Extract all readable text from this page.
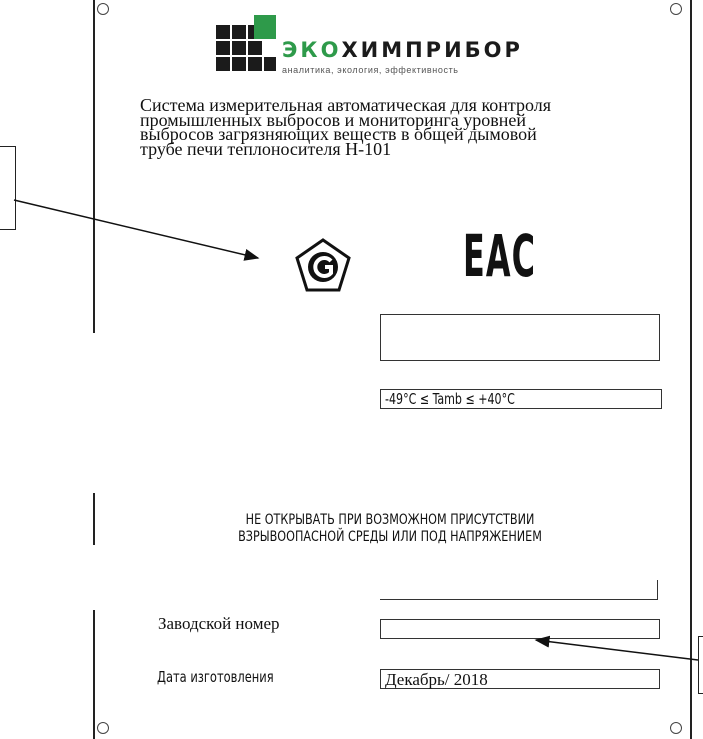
ЭКОХИМПРИБОР
аналитика, экология, эффективность
Система измерительная автоматическая для контроля
промышленных выбросов и мониторинга уровней
выбросов загрязняющих веществ в общей дымовой
трубе печи теплоносителя Н-101
EAC
-49°C ≤ Tamb ≤ +40°C
НЕ ОТКРЫВАТЬ ПРИ ВОЗМОЖНОМ ПРИСУТСТВИИ
ВЗРЫВООПАСНОЙ СРЕДЫ ИЛИ ПОД НАПРЯЖЕНИЕМ
Заводской номер
Дата изготовления	Декабрь/ 2018
